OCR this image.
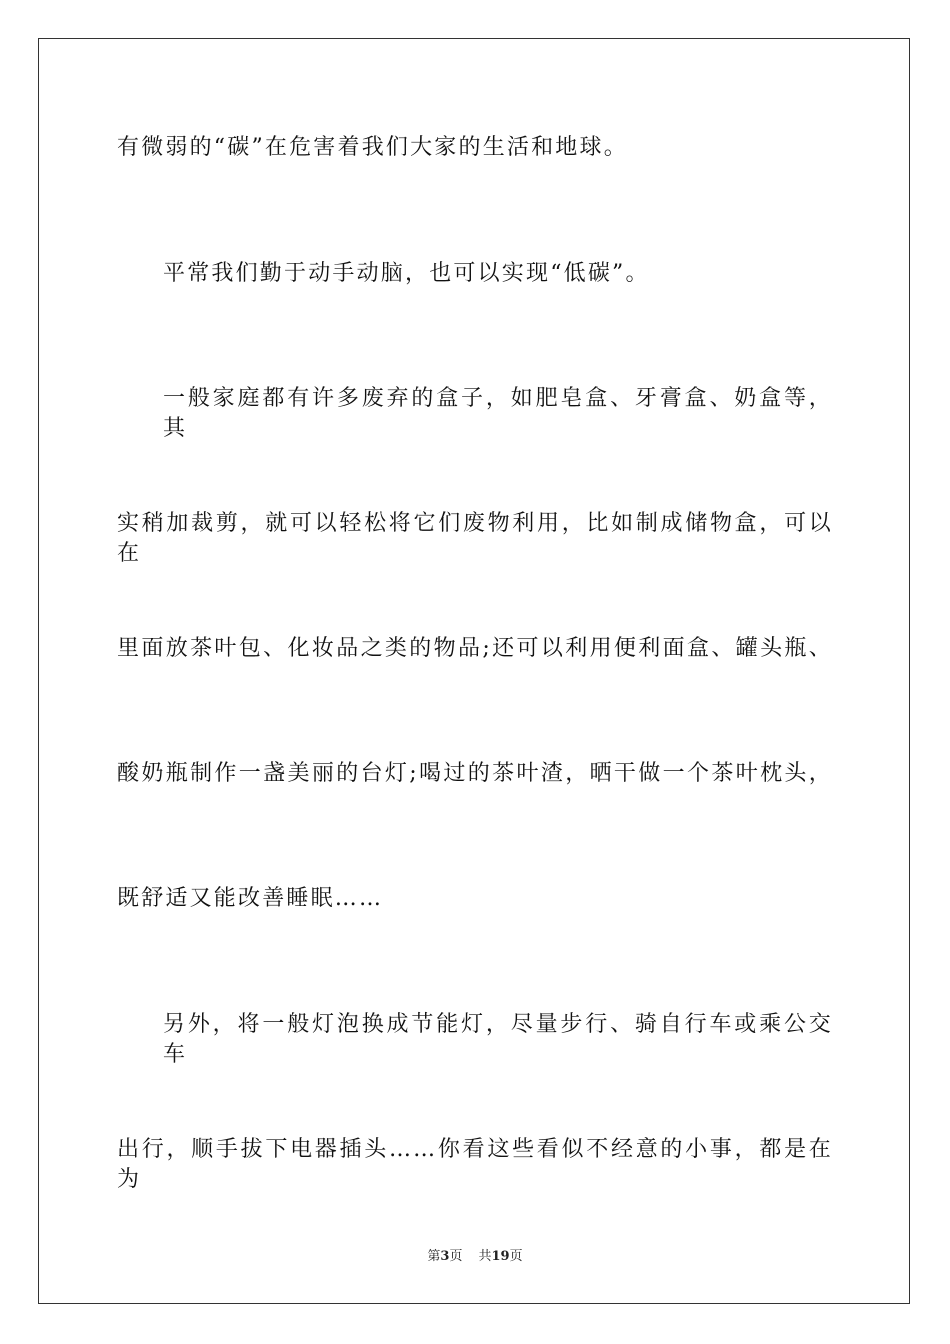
有微弱的“碳”在危害着我们大家的生活和地球。
平常我们勤于动手动脑，也可以实现“低碳”。
一般家庭都有许多废弃的盒子，如肥皂盒、牙膏盒、奶盒等，其
实稍加裁剪，就可以轻松将它们废物利用，比如制成储物盒，可以在
里面放茶叶包、化妆品之类的物品;还可以利用便利面盒、罐头瓶、
酸奶瓶制作一盏美丽的台灯;喝过的茶叶渣，晒干做一个茶叶枕头，
既舒适又能改善睡眠……
另外，将一般灯泡换成节能灯，尽量步行、骑自行车或乘公交车
出行，顺手拔下电器插头……你看这些看似不经意的小事，都是在为
第3页 共19页
